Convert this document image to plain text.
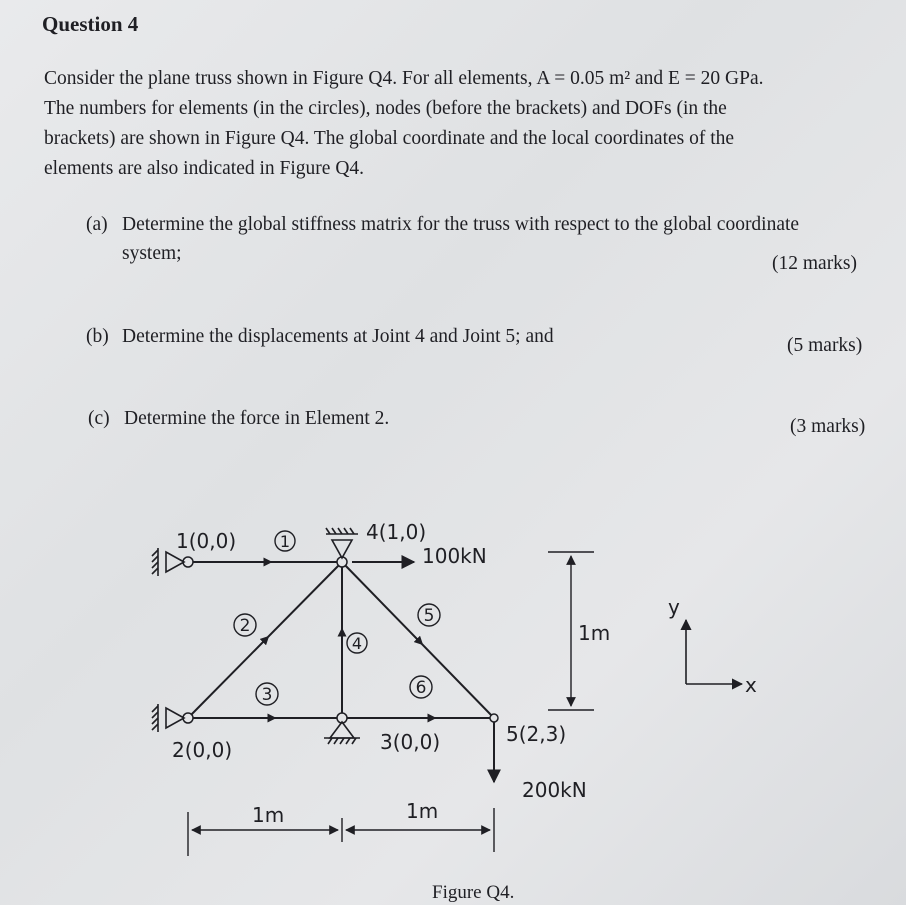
Question 4
Consider the plane truss shown in Figure Q4. For all elements, A = 0.05 m² and E = 20 GPa.
The numbers for elements (in the circles), nodes (before the brackets) and DOFs (in the
brackets) are shown in Figure Q4. The global coordinate and the local coordinates of the
elements are also indicated in Figure Q4.
(a) Determine the global stiffness matrix for the truss with respect to the global coordinate
system;	(12 marks)
(b) Determine the displacements at Joint 4 and Joint 5; and	(5 marks)
(c) Determine the force in Element 2.	(3 marks)
1
2
3
4
5
6
1(0,0)	4(1,0)
2(0,0)	3(0,0)	5(2,3)
100kN
200kN
1m
1m	1m
y
x
Figure Q4.
